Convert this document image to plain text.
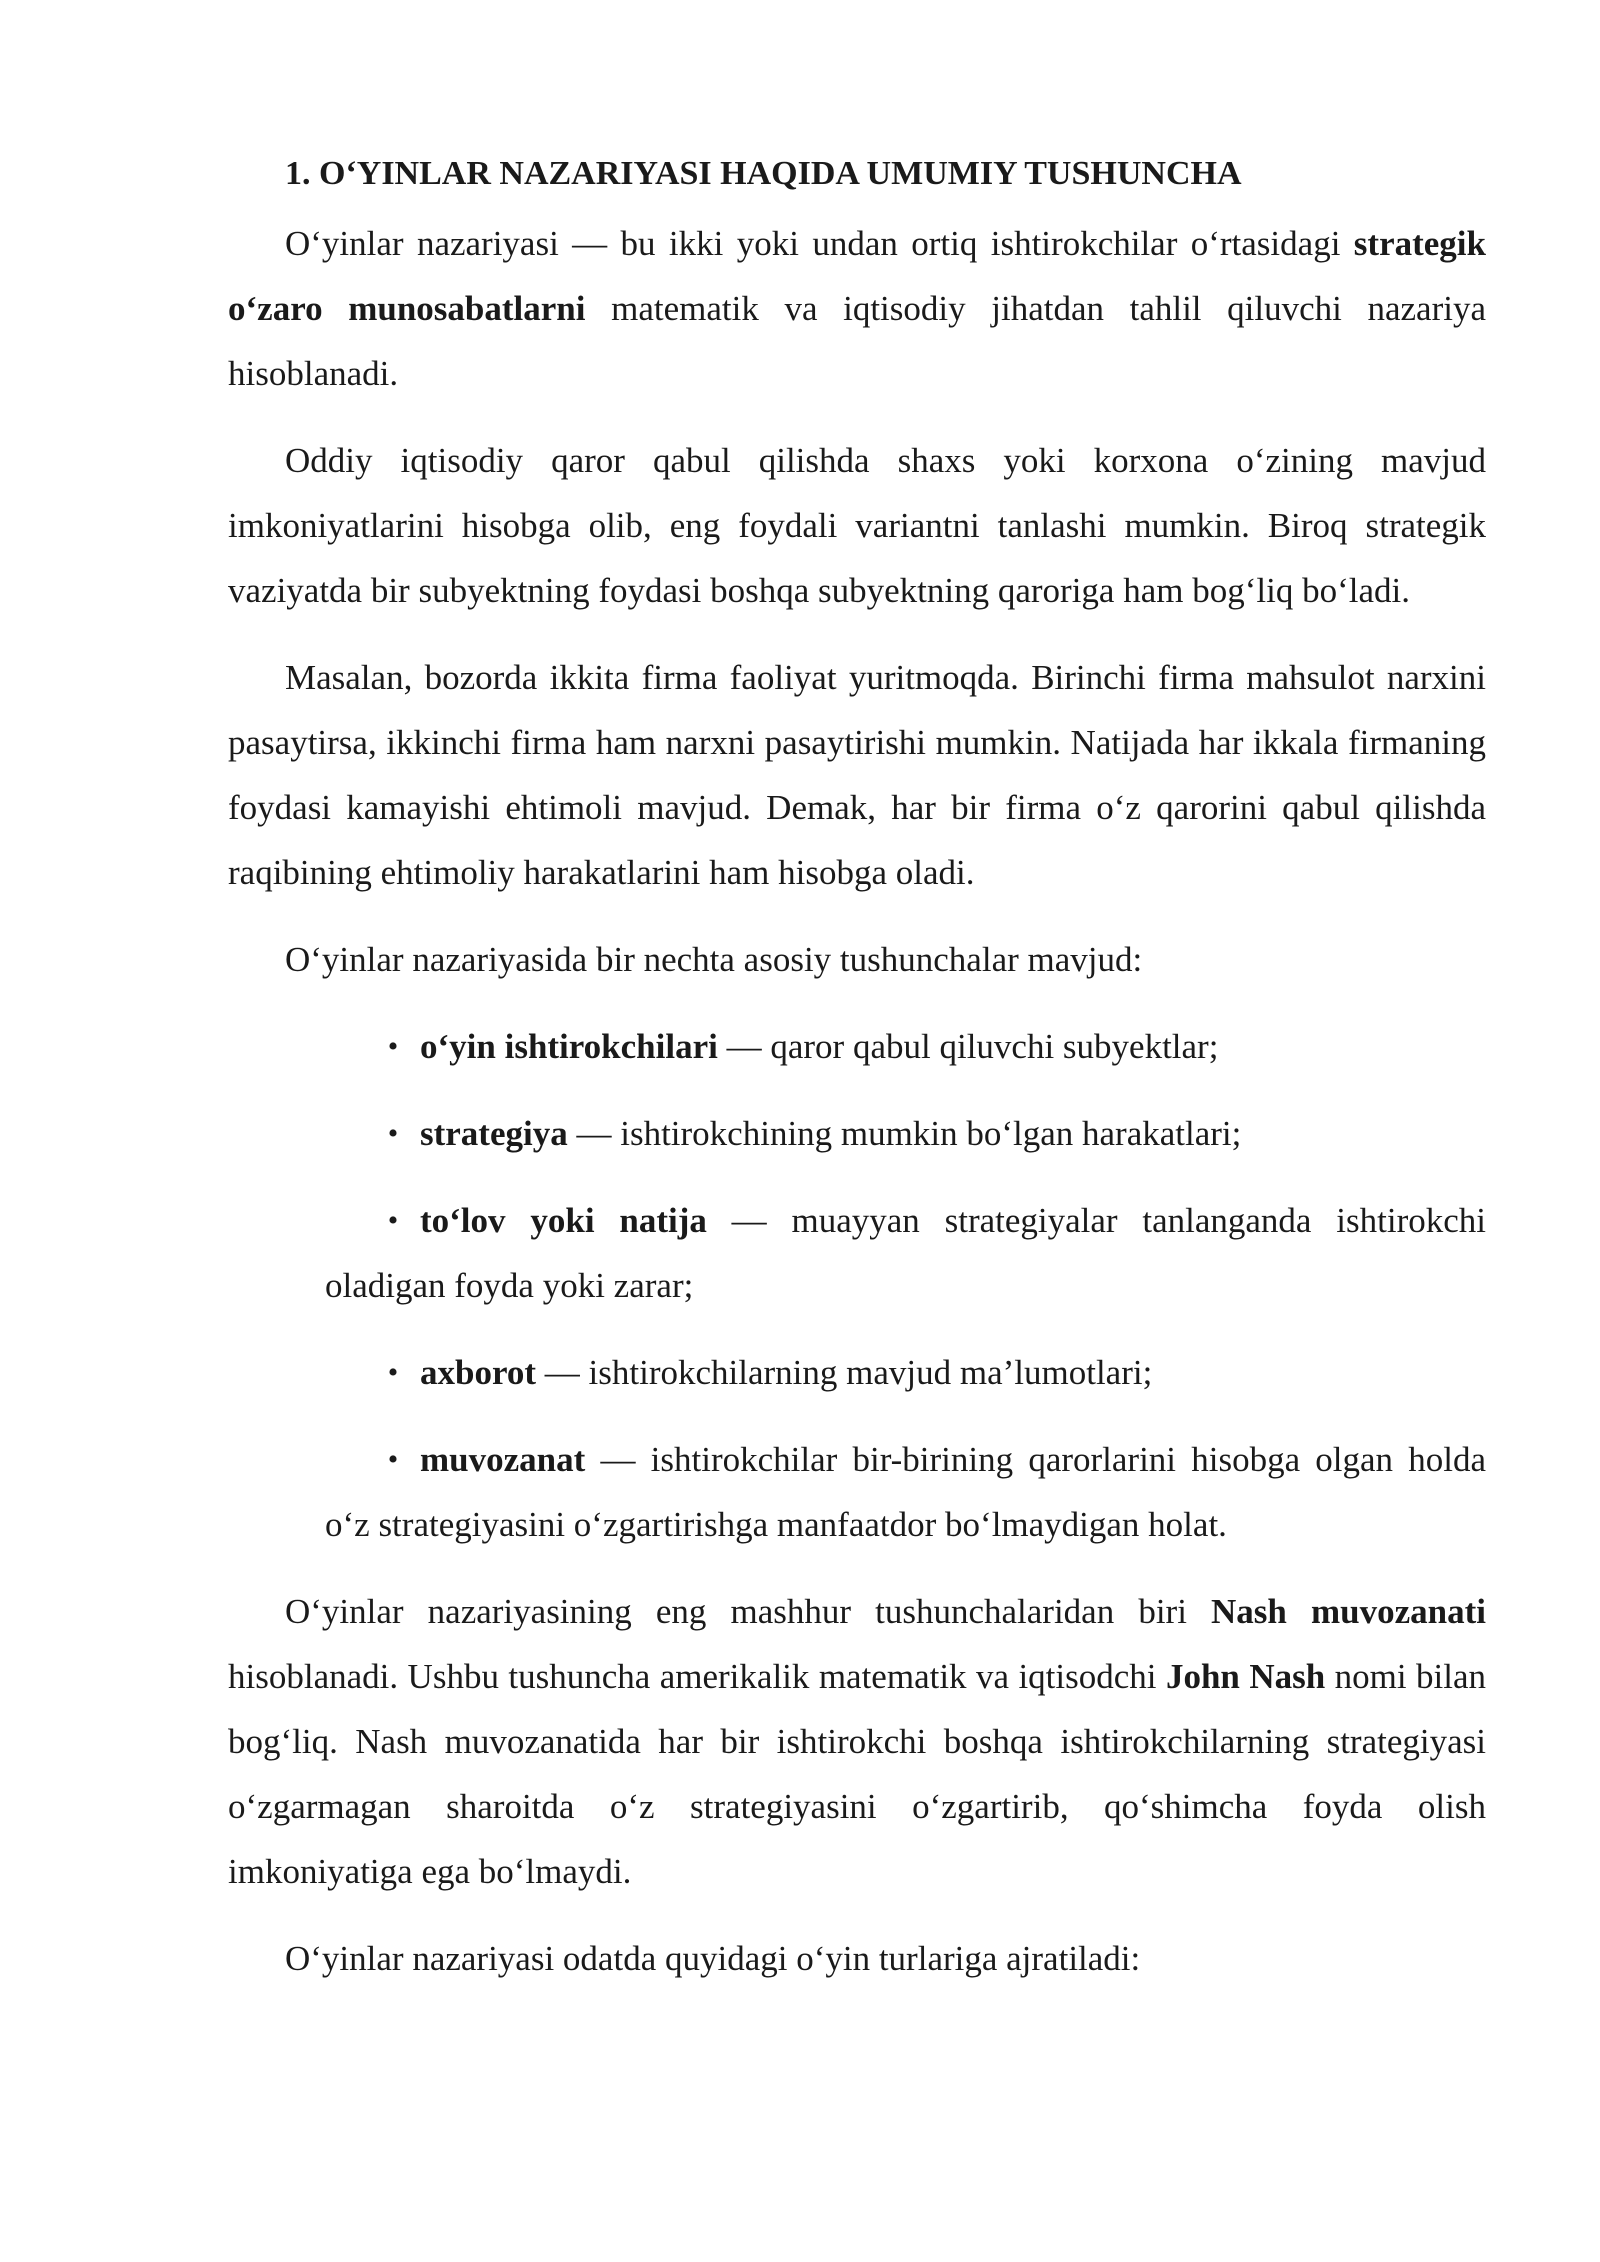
1. O‘YINLAR NAZARIYASI HAQIDA UMUMIY TUSHUNCHA

O‘yinlar nazariyasi — bu ikki yoki undan ortiq ishtirokchilar o‘rtasidagi strategik o‘zaro munosabatlarni matematik va iqtisodiy jihatdan tahlil qiluvchi nazariya hisoblanadi.

Oddiy iqtisodiy qaror qabul qilishda shaxs yoki korxona o‘zining mavjud imkoniyatlarini hisobga olib, eng foydali variantni tanlashi mumkin. Biroq strategik vaziyatda bir subyektning foydasi boshqa subyektning qaroriga ham bog‘liq bo‘ladi.

Masalan, bozorda ikkita firma faoliyat yuritmoqda. Birinchi firma mahsulot narxini pasaytirsa, ikkinchi firma ham narxni pasaytirishi mumkin. Natijada har ikkala firmaning foydasi kamayishi ehtimoli mavjud. Demak, har bir firma o‘z qarorini qabul qilishda raqibining ehtimoliy harakatlarini ham hisobga oladi.

O‘yinlar nazariyasida bir nechta asosiy tushunchalar mavjud:

• o‘yin ishtirokchilari — qaror qabul qiluvchi subyektlar;
• strategiya — ishtirokchining mumkin bo‘lgan harakatlari;
• to‘lov yoki natija — muayyan strategiyalar tanlanganda ishtirokchi oladigan foyda yoki zarar;
• axborot — ishtirokchilarning mavjud ma’lumotlari;
• muvozanat — ishtirokchilar bir-birining qarorlarini hisobga olgan holda o‘z strategiyasini o‘zgartirishga manfaatdor bo‘lmaydigan holat.

O‘yinlar nazariyasining eng mashhur tushunchalaridan biri Nash muvozanati hisoblanadi. Ushbu tushuncha amerikalik matematik va iqtisodchi John Nash nomi bilan bog‘liq. Nash muvozanatida har bir ishtirokchi boshqa ishtirokchilarning strategiyasi o‘zgarmagan sharoitda o‘z strategiyasini o‘zgartirib, qo‘shimcha foyda olish imkoniyatiga ega bo‘lmaydi.

O‘yinlar nazariyasi odatda quyidagi o‘yin turlariga ajratiladi:
